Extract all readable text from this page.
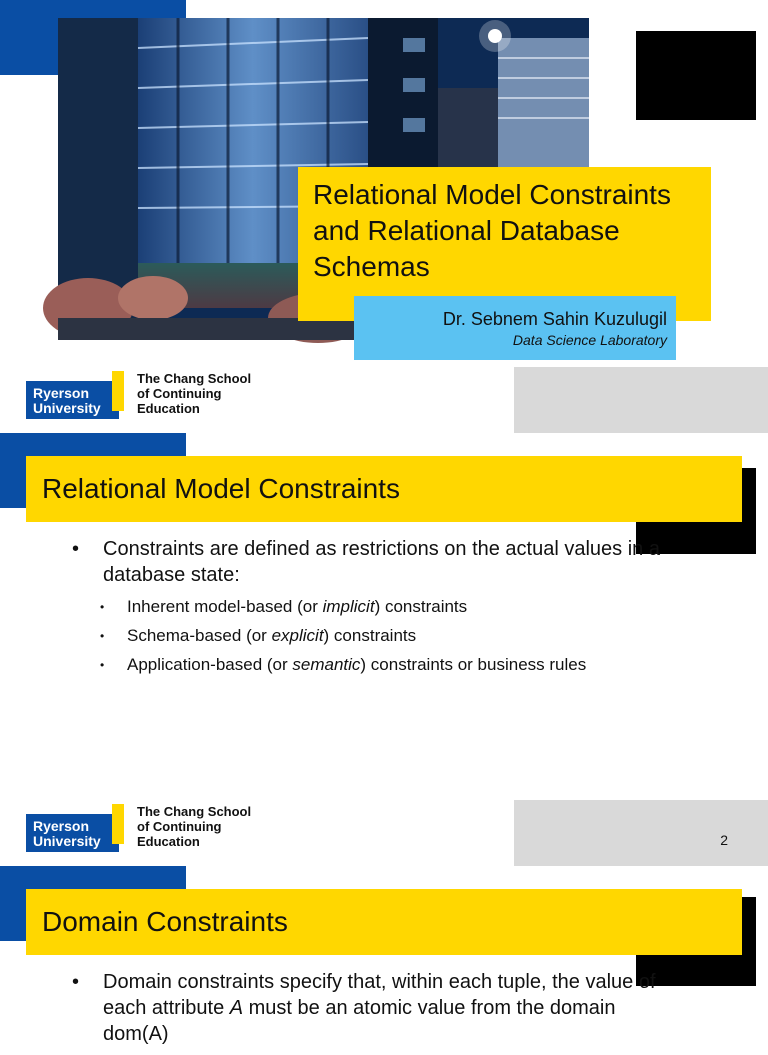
Relational Model Constraints and Relational Database Schemas
Dr. Sebnem Sahin Kuzulugil
Data Science Laboratory
Ryerson
University
The Chang School
of Continuing
Education
Relational Model Constraints
• Constraints are defined as restrictions on the actual values in a database state:
• Inherent model-based (or implicit) constraints
• Schema-based (or explicit) constraints
• Application-based (or semantic) constraints or business rules
Ryerson
University
The Chang School
of Continuing
Education	2
Domain Constraints
• Domain constraints specify that, within each tuple, the value of each attribute A must be an atomic value from the domain dom(A)
